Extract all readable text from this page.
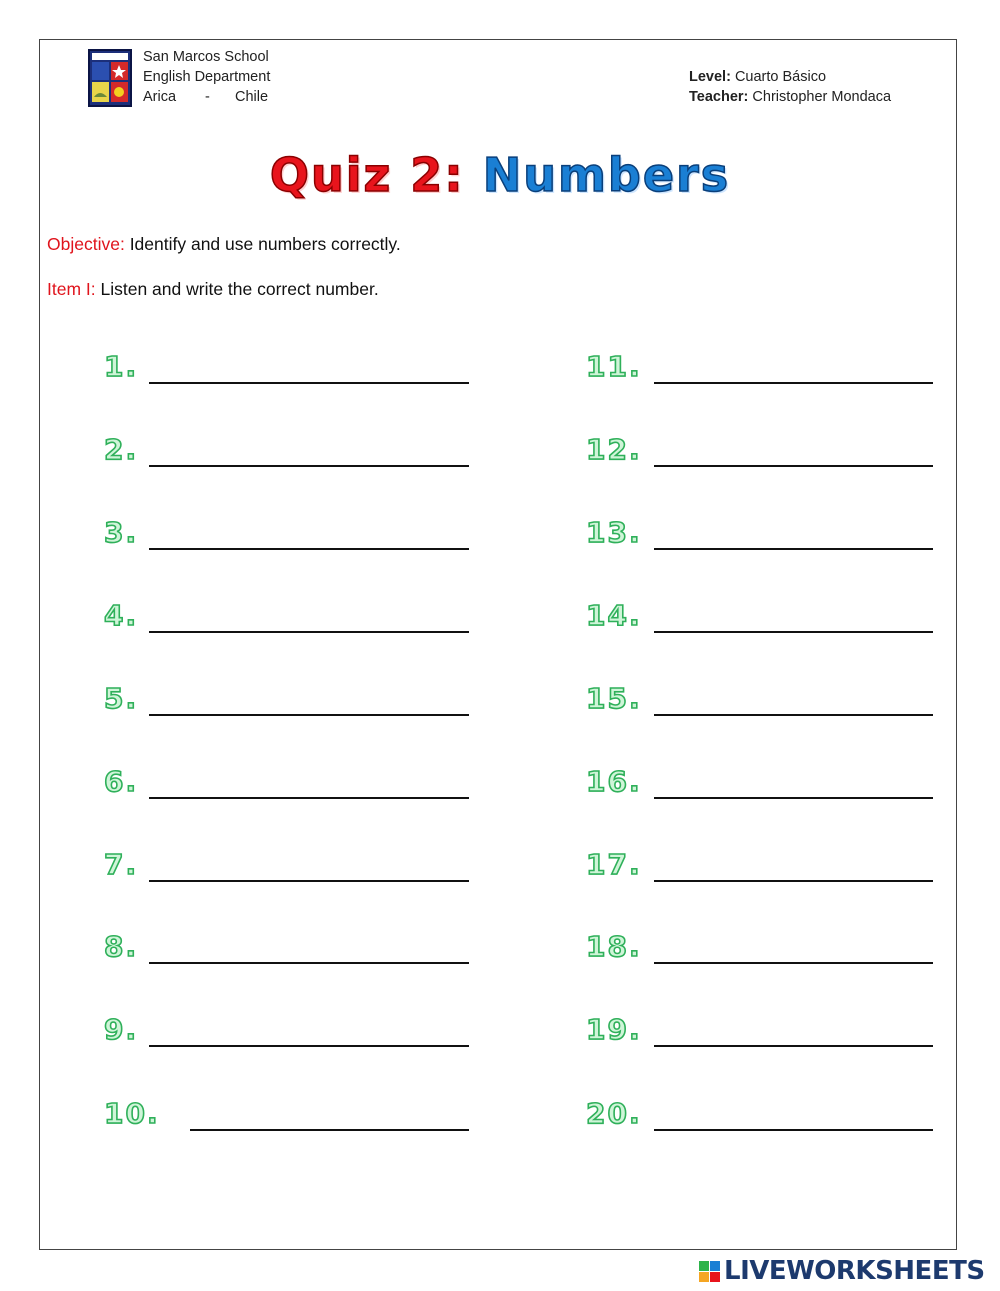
San Marcos School
English Department
Arica - Chile
Level: Cuarto Básico
Teacher: Christopher Mondaca
Quiz 2: Numbers
Objective: Identify and use numbers correctly.
Item I: Listen and write the correct number.
1.
2.
3.
4.
5.
6.
7.
8.
9.
10.
11.
12.
13.
14.
15.
16.
17.
18.
19.
20.
LIVEWORKSHEETS
